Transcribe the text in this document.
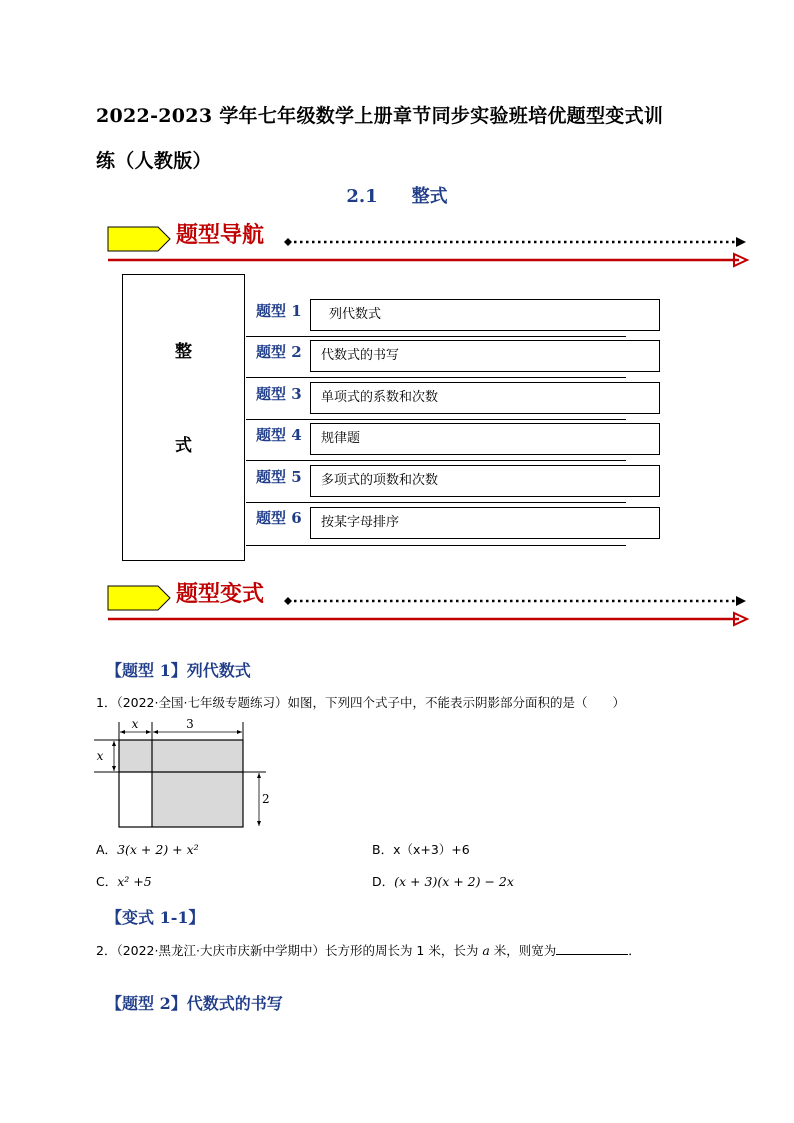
2022-2023 学年七年级数学上册章节同步实验班培优题型变式训
练（人教版）
2.1 整式
题型导航
整
式
题型 1	列代数式
题型 2	代数式的书写
题型 3	单项式的系数和次数
题型 4	规律题
题型 5	多项式的项数和次数
题型 6	按某字母排序
题型变式
【题型 1】列代数式
1．（2022·全国·七年级专题练习）如图，下列四个式子中，不能表示阴影部分面积的是（　　）
x	3
x
2
A．3(x + 2) + x²	B．x（x+3）+6
C．x² +5	D．(x + 3)(x + 2) − 2x
【变式 1-1】
2．（2022·黑龙江·大庆市庆新中学期中）长方形的周长为 1 米，长为 a 米，则宽为	．
【题型 2】代数式的书写
